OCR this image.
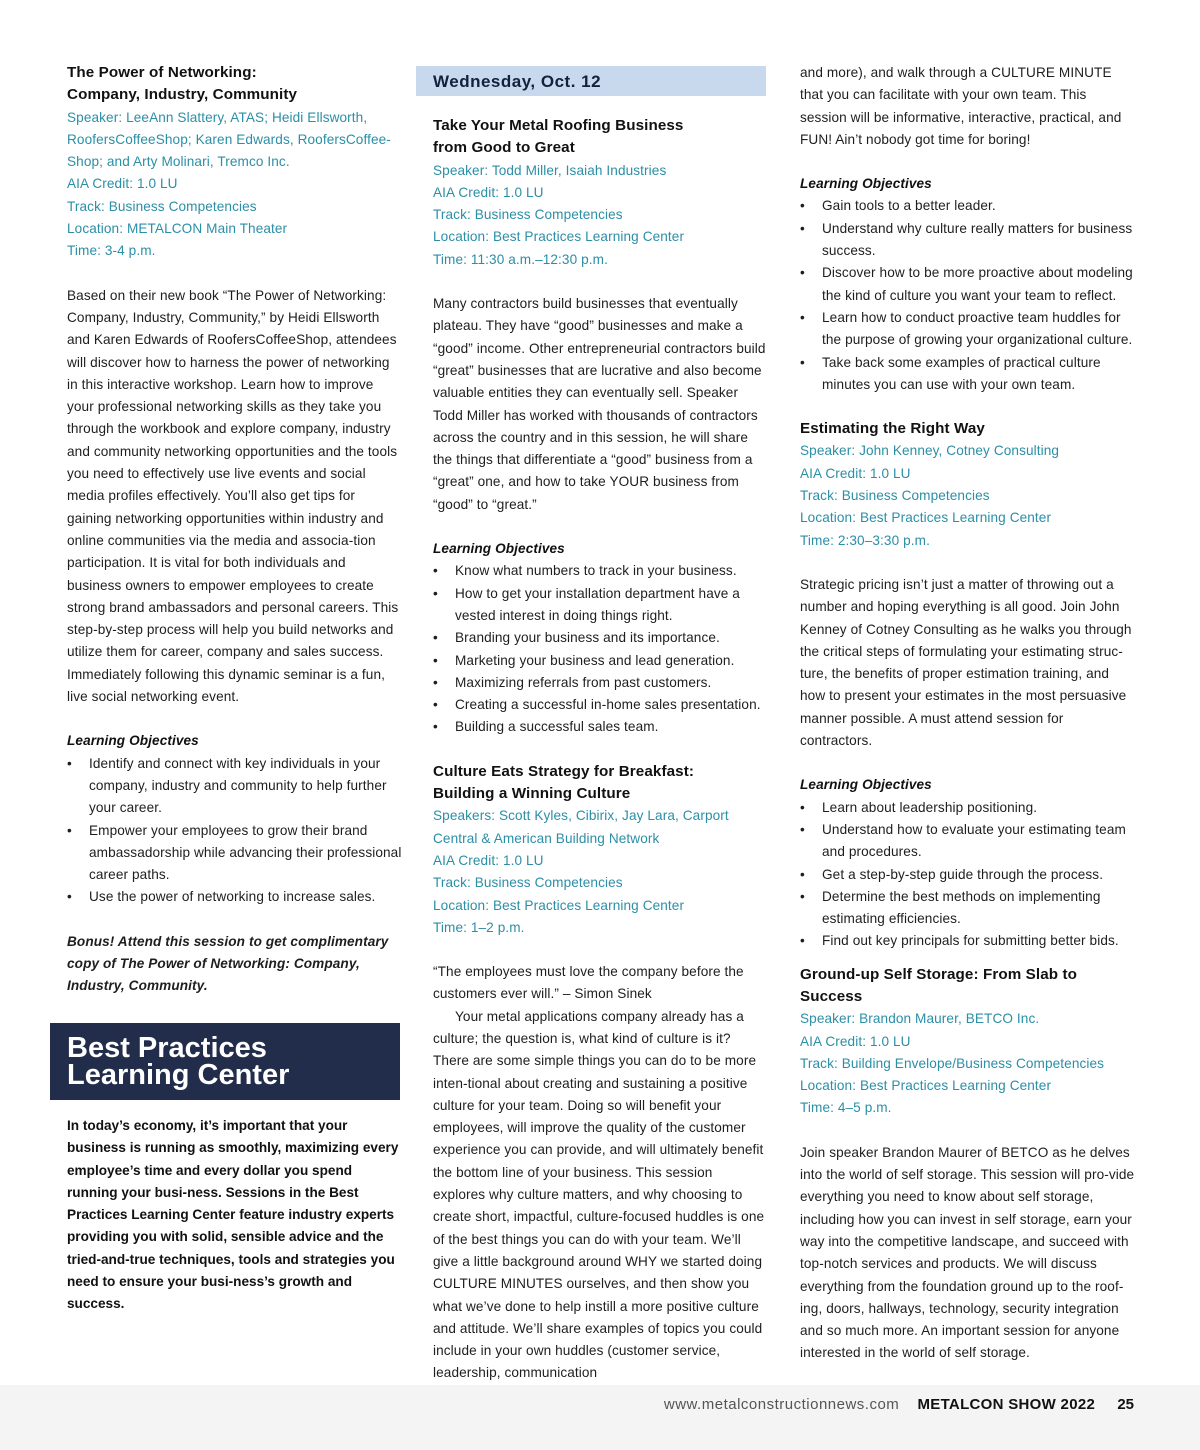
The Power of Networking:
Company, Industry, Community
Speaker: LeeAnn Slattery, ATAS; Heidi Ellsworth, RoofersCoffeeShop; Karen Edwards, RoofersCoffee-Shop; and Arty Molinari, Tremco Inc.
AIA Credit: 1.0 LU
Track: Business Competencies
Location: METALCON Main Theater
Time: 3-4 p.m.

Based on their new book “The Power of Networking: Company, Industry, Community,” by Heidi Ellsworth and Karen Edwards of RoofersCoffeeShop, attendees will discover how to harness the power of networking in this interactive workshop. Learn how to improve your professional networking skills as they take you through the workbook and explore company, industry and community networking opportunities and the tools you need to effectively use live events and social media profiles effectively. You’ll also get tips for gaining networking opportunities within industry and online communities via the media and associa-tion participation. It is vital for both individuals and business owners to empower employees to create strong brand ambassadors and personal careers. This step-by-step process will help you build networks and utilize them for career, company and sales success. Immediately following this dynamic seminar is a fun, live social networking event.

Learning Objectives
• Identify and connect with key individuals in your company, industry and community to help further your career.
• Empower your employees to grow their brand ambassadorship while advancing their professional career paths.
• Use the power of networking to increase sales.

Bonus! Attend this session to get complimentary copy of The Power of Networking: Company, Industry, Community.

Best Practices
Learning Center

In today’s economy, it’s important that your business is running as smoothly, maximizing every employee’s time and every dollar you spend running your busi-ness. Sessions in the Best Practices Learning Center feature industry experts providing you with solid, sensible advice and the tried-and-true techniques, tools and strategies you need to ensure your busi-ness’s growth and success.

Wednesday, Oct. 12
Take Your Metal Roofing Business
from Good to Great
Speaker: Todd Miller, Isaiah Industries
AIA Credit: 1.0 LU
Track: Business Competencies
Location: Best Practices Learning Center
Time: 11:30 a.m.–12:30 p.m.

Many contractors build businesses that eventually plateau. They have “good” businesses and make a “good” income. Other entrepreneurial contractors build “great” businesses that are lucrative and also become valuable entities they can eventually sell. Speaker Todd Miller has worked with thousands of contractors across the country and in this session, he will share the things that differentiate a “good” business from a “great” one, and how to take YOUR business from “good” to “great.”

Learning Objectives
• Know what numbers to track in your business.
• How to get your installation department have a vested interest in doing things right.
• Branding your business and its importance.
• Marketing your business and lead generation.
• Maximizing referrals from past customers.
• Creating a successful in-home sales presentation.
• Building a successful sales team.
Culture Eats Strategy for Breakfast:
Building a Winning Culture
Speakers: Scott Kyles, Cibirix, Jay Lara, Carport Central & American Building Network
AIA Credit: 1.0 LU
Track: Business Competencies
Location: Best Practices Learning Center
Time: 1–2 p.m.

“The employees must love the company before the customers ever will.” – Simon Sinek

Your metal applications company already has a culture; the question is, what kind of culture is it? There are some simple things you can do to be more inten-tional about creating and sustaining a positive culture for your team. Doing so will benefit your employees, will improve the quality of the customer experience you can provide, and will ultimately benefit the bottom line of your business. This session explores why culture matters, and why choosing to create short, impactful, culture-focused huddles is one of the best things you can do with your team. We’ll give a little background around WHY we started doing CULTURE MINUTES ourselves, and then show you what we’ve done to help instill a more positive culture and attitude. We’ll share examples of topics you could include in your own huddles (customer service, leadership, communication

and more), and walk through a CULTURE MINUTE that you can facilitate with your own team. This session will be informative, interactive, practical, and FUN! Ain’t nobody got time for boring!

Learning Objectives
• Gain tools to a better leader.
• Understand why culture really matters for business success.
• Discover how to be more proactive about modeling the kind of culture you want your team to reflect.
• Learn how to conduct proactive team huddles for the purpose of growing your organizational culture.
• Take back some examples of practical culture minutes you can use with your own team.
Estimating the Right Way
Speaker: John Kenney, Cotney Consulting
AIA Credit: 1.0 LU
Track: Business Competencies
Location: Best Practices Learning Center
Time: 2:30–3:30 p.m.

Strategic pricing isn’t just a matter of throwing out a number and hoping everything is all good. Join John Kenney of Cotney Consulting as he walks you through the critical steps of formulating your estimating struc-ture, the benefits of proper estimation training, and how to present your estimates in the most persuasive manner possible. A must attend session for contractors.

Learning Objectives
• Learn about leadership positioning.
• Understand how to evaluate your estimating team and procedures.
• Get a step-by-step guide through the process.
• Determine the best methods on implementing estimating efficiencies.
• Find out key principals for submitting better bids.
Ground-up Self Storage: From Slab to Success
Speaker: Brandon Maurer, BETCO Inc.
AIA Credit: 1.0 LU
Track: Building Envelope/Business Competencies
Location: Best Practices Learning Center
Time: 4–5 p.m.

Join speaker Brandon Maurer of BETCO as he delves into the world of self storage. This session will pro-vide everything you need to know about self storage, including how you can invest in self storage, earn your way into the competitive landscape, and succeed with top-notch services and products. We will discuss everything from the foundation ground up to the roof-ing, doors, hallways, technology, security integration and so much more. An important session for anyone interested in the world of self storage.

www.metalconstructionnews.com METALCON SHOW 2022 25
